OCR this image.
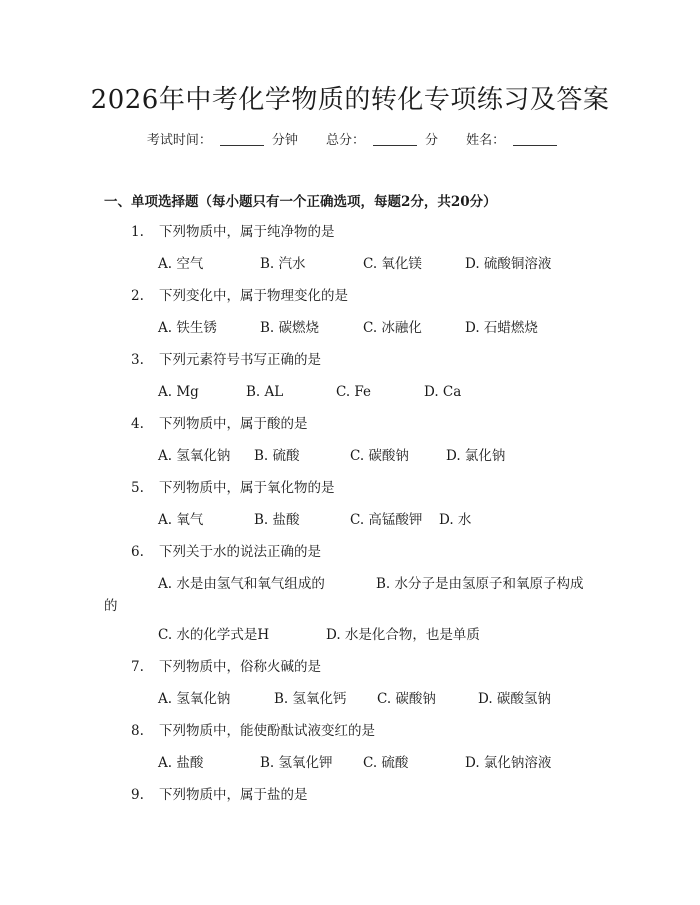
2026年中考化学物质的转化专项练习及答案
考试时间：	分钟 总分：	分 姓名：
一、单项选择题（每小题只有一个正确选项，每题2分，共20分）
1. 下列物质中，属于纯净物的是
A. 空气	B. 汽水	C. 氧化镁	D. 硫酸铜溶液
2. 下列变化中，属于物理变化的是
A. 铁生锈	B. 碳燃烧	C. 冰融化	D. 石蜡燃烧
3. 下列元素符号书写正确的是
A. Mg	B. AL	C. Fe	D. Ca
4. 下列物质中，属于酸的是
A. 氢氧化钠 B. 硫酸	C. 碳酸钠	D. 氯化钠
5. 下列物质中，属于氧化物的是
A. 氧气	B. 盐酸	C. 高锰酸钾 D. 水
6. 下列关于水的说法正确的是
A. 水是由氢气和氧气组成的	B. 水分子是由氢原子和氧原子构成
的
C. 水的化学式是H	D. 水是化合物，也是单质
7. 下列物质中，俗称火碱的是
A. 氢氧化钠	B. 氢氧化钙 C. 碳酸钠	D. 碳酸氢钠
8. 下列物质中，能使酚酞试液变红的是
A. 盐酸	B. 氢氧化钾 C. 硫酸	D. 氯化钠溶液
9. 下列物质中，属于盐的是
